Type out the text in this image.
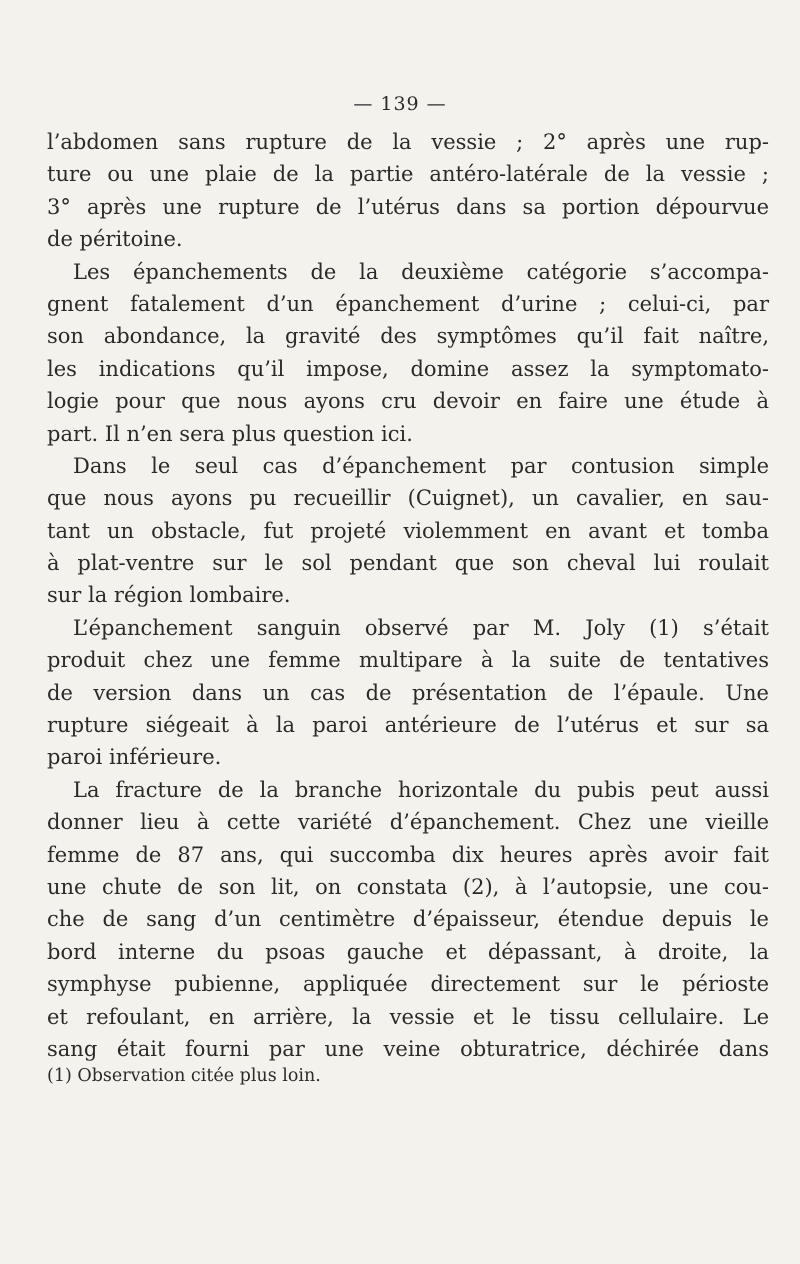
— 139 —
l’abdomen sans rupture de la vessie ; 2° après une rup-
ture ou une plaie de la partie antéro-latérale de la vessie ;
3° après une rupture de l’utérus dans sa portion dépourvue
de péritoine.
Les épanchements de la deuxième catégorie s’accompa-
gnent fatalement d’un épanchement d’urine ; celui-ci, par
son abondance, la gravité des symptômes qu’il fait naître,
les indications qu’il impose, domine assez la symptomato-
logie pour que nous ayons cru devoir en faire une étude à
part. Il n’en sera plus question ici.
Dans le seul cas d’épanchement par contusion simple
que nous ayons pu recueillir (Cuignet), un cavalier, en sau-
tant un obstacle, fut projeté violemment en avant et tomba
à plat-ventre sur le sol pendant que son cheval lui roulait
sur la région lombaire.
L’épanchement sanguin observé par M. Joly (1) s’était
produit chez une femme multipare à la suite de tentatives
de version dans un cas de présentation de l’épaule. Une
rupture siégeait à la paroi antérieure de l’utérus et sur sa
paroi inférieure.
La fracture de la branche horizontale du pubis peut aussi
donner lieu à cette variété d’épanchement. Chez une vieille
femme de 87 ans, qui succomba dix heures après avoir fait
une chute de son lit, on constata (2), à l’autopsie, une cou-
che de sang d’un centimètre d’épaisseur, étendue depuis le
bord interne du psoas gauche et dépassant, à droite, la
symphyse pubienne, appliquée directement sur le périoste
et refoulant, en arrière, la vessie et le tissu cellulaire. Le
sang était fourni par une veine obturatrice, déchirée dans
(1) Observation citée plus loin.
